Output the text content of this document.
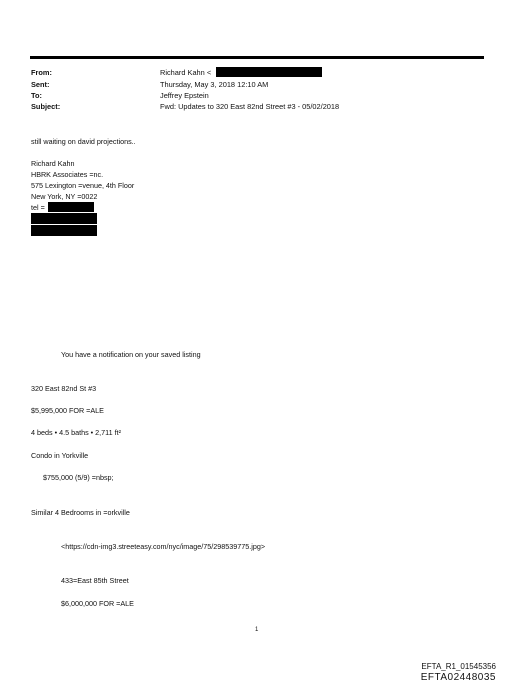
From:
Sent:
To:
Subject:
Richard Kahn <
Thursday, May 3, 2018 12:10 AM
Jeffrey Epstein
Fwd: Updates to 320 East 82nd Street #3 - 05/02/2018
still waiting on david projections..
Richard Kahn
HBRK Associates =nc.
575 Lexington =venue, 4th Floor
New York, NY =0022
tel =
You have a notification on your saved listing
320 East 82nd St #3
$5,995,000 FOR =ALE
4 beds • 4.5 baths • 2,711 ft²
Condo in Yorkville
$755,000 (5/9) =nbsp;
Similar 4 Bedrooms in =orkville
<https://cdn-img3.streeteasy.com/nyc/image/75/298539775.jpg>
433=East 85th Street
$6,000,000 FOR =ALE
1
EFTA_R1_01545356
EFTA02448035
